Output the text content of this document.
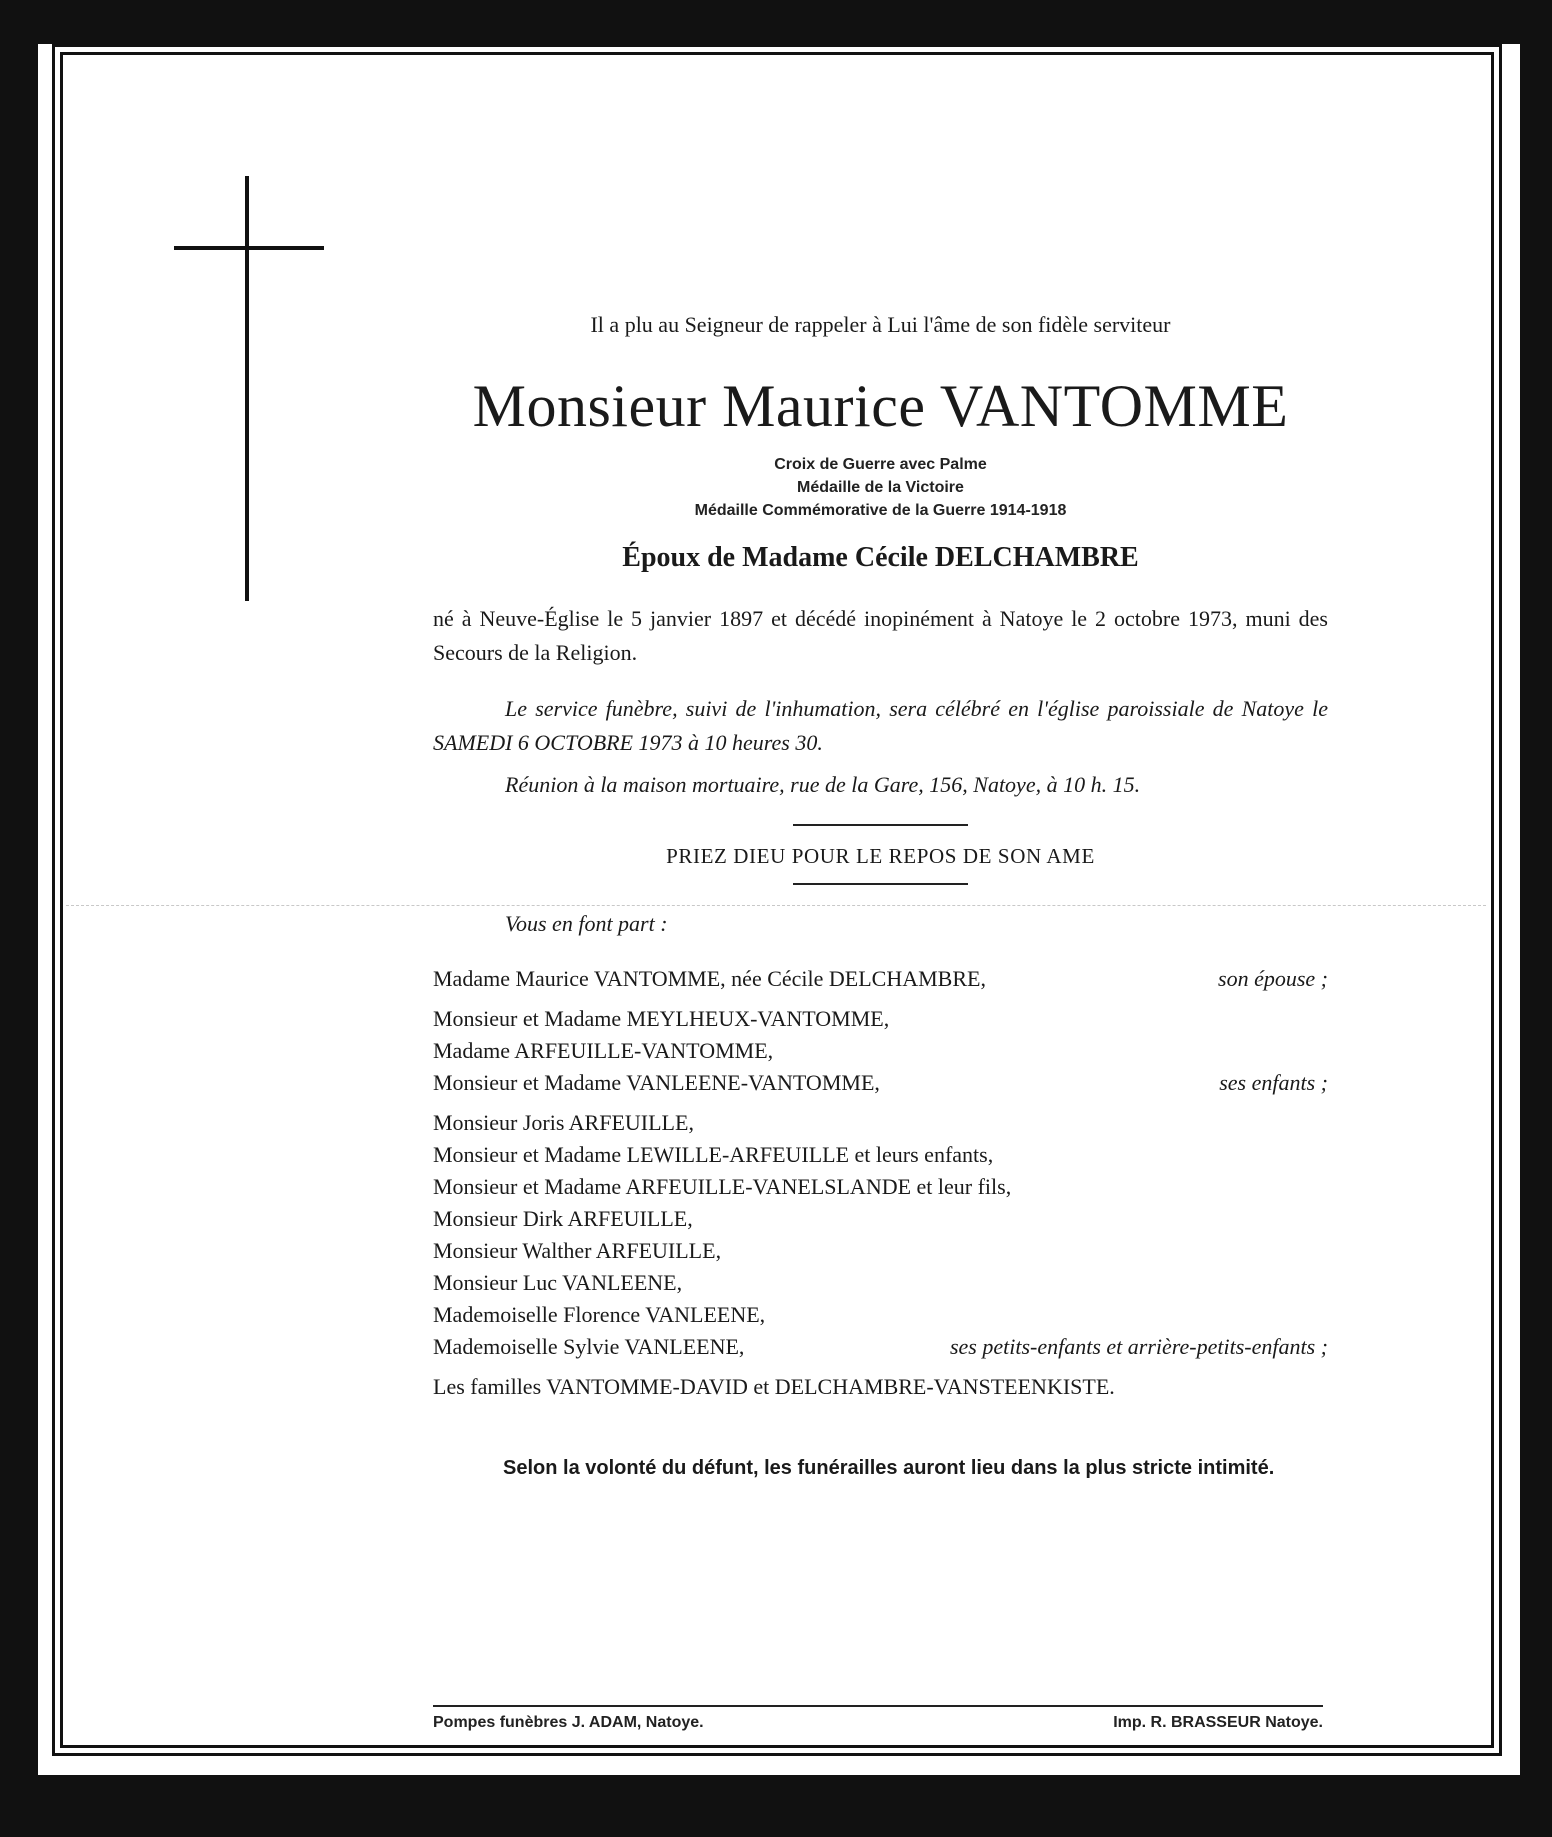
Il a plu au Seigneur de rappeler à Lui l'âme de son fidèle serviteur
Monsieur Maurice VANTOMME
Croix de Guerre avec Palme
Médaille de la Victoire
Médaille Commémorative de la Guerre 1914-1918
Époux de Madame Cécile DELCHAMBRE
né à Neuve-Église le 5 janvier 1897 et décédé inopinément à Natoye le 2 octobre 1973, muni des Secours de la Religion.
Le service funèbre, suivi de l'inhumation, sera célébré en l'église paroissiale de Natoye le SAMEDI 6 OCTOBRE 1973 à 10 heures 30.
Réunion à la maison mortuaire, rue de la Gare, 156, Natoye, à 10 h. 15.
PRIEZ DIEU POUR LE REPOS DE SON AME
Vous en font part :
Madame Maurice VANTOMME, née Cécile DELCHAMBRE,	son épouse ;
Monsieur et Madame MEYLHEUX-VANTOMME,
Madame ARFEUILLE-VANTOMME,
Monsieur et Madame VANLEENE-VANTOMME,	ses enfants ;
Monsieur Joris ARFEUILLE,
Monsieur et Madame LEWILLE-ARFEUILLE et leurs enfants,
Monsieur et Madame ARFEUILLE-VANELSLANDE et leur fils,
Monsieur Dirk ARFEUILLE,
Monsieur Walther ARFEUILLE,
Monsieur Luc VANLEENE,
Mademoiselle Florence VANLEENE,
Mademoiselle Sylvie VANLEENE,	ses petits-enfants et arrière-petits-enfants ;
Les familles VANTOMME-DAVID et DELCHAMBRE-VANSTEENKISTE.
Selon la volonté du défunt, les funérailles auront lieu dans la plus stricte intimité.
Pompes funèbres J. ADAM, Natoye.	Imp. R. BRASSEUR Natoye.
